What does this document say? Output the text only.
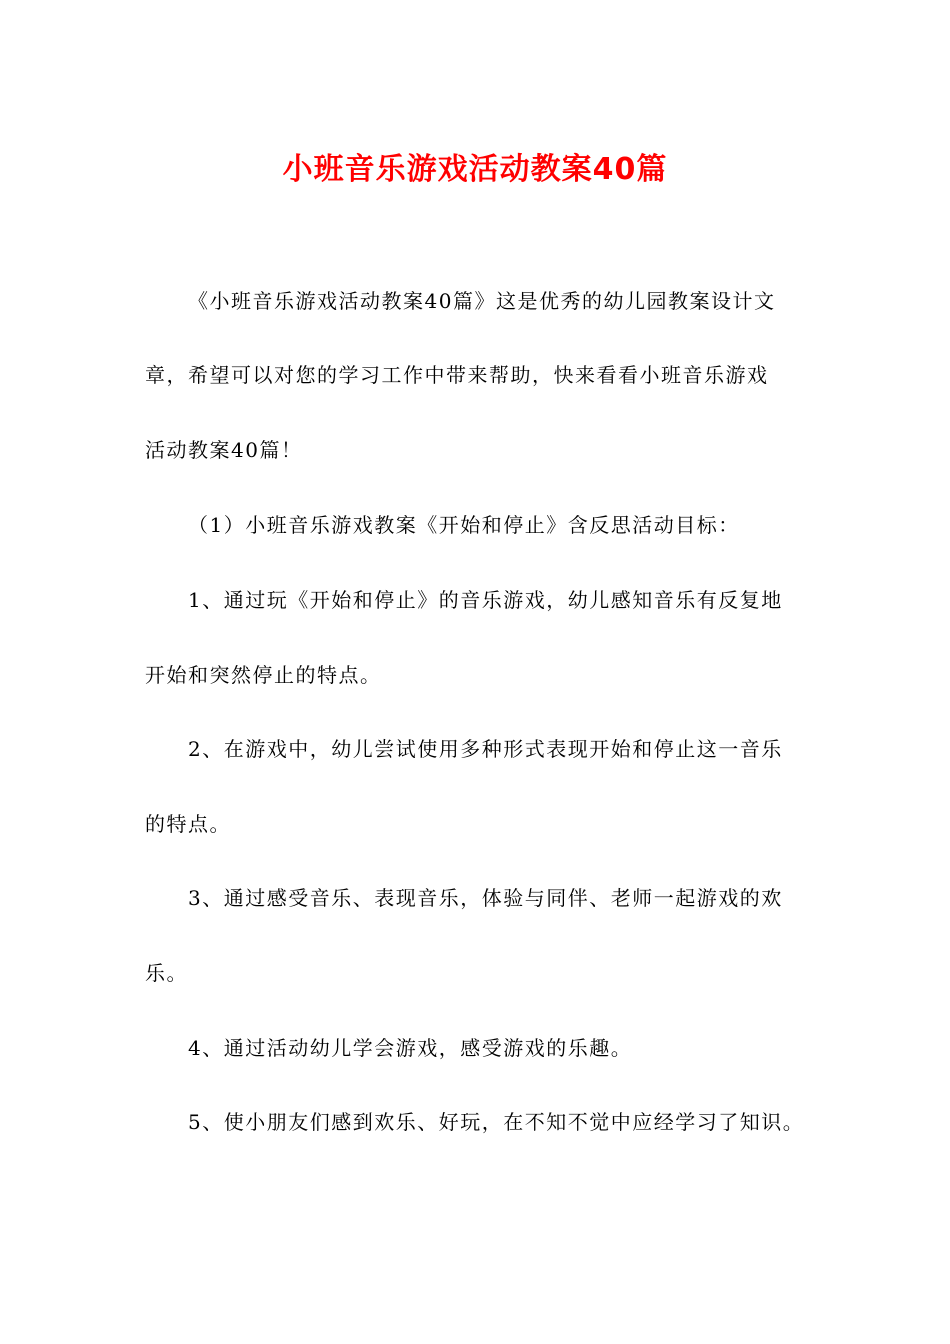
小班音乐游戏活动教案40篇

《小班音乐游戏活动教案40篇》这是优秀的幼儿园教案设计文

章，希望可以对您的学习工作中带来帮助，快来看看小班音乐游戏

活动教案40篇！

（1）小班音乐游戏教案《开始和停止》含反思活动目标：

1、通过玩《开始和停止》的音乐游戏，幼儿感知音乐有反复地

开始和突然停止的特点。

2、在游戏中，幼儿尝试使用多种形式表现开始和停止这一音乐

的特点。

3、通过感受音乐、表现音乐，体验与同伴、老师一起游戏的欢

乐。

4、通过活动幼儿学会游戏，感受游戏的乐趣。

5、使小朋友们感到欢乐、好玩，在不知不觉中应经学习了知识。
